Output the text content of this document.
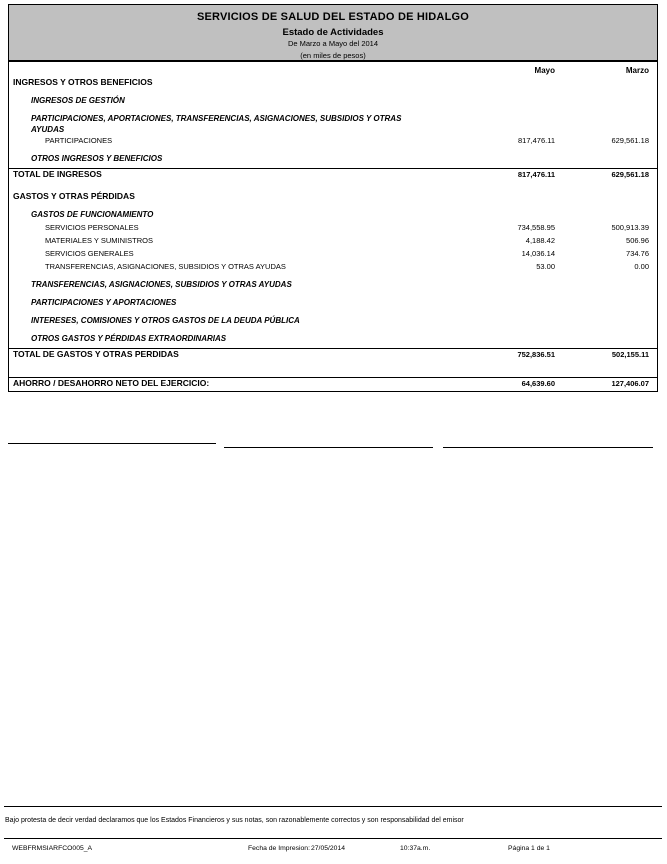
SERVICIOS DE SALUD DEL ESTADO DE HIDALGO
Estado de Actividades
De Marzo a Mayo del 2014
(en miles de pesos)
Mayo	Marzo
INGRESOS Y OTROS BENEFICIOS
INGRESOS DE GESTIÓN
PARTICIPACIONES, APORTACIONES, TRANSFERENCIAS, ASIGNACIONES, SUBSIDIOS Y OTRAS AYUDAS
PARTICIPACIONES	817,476.11	629,561.18
OTROS INGRESOS Y BENEFICIOS
TOTAL DE INGRESOS	817,476.11	629,561.18
GASTOS Y OTRAS PÉRDIDAS
GASTOS DE FUNCIONAMIENTO
SERVICIOS PERSONALES	734,558.95	500,913.39
MATERIALES Y SUMINISTROS	4,188.42	506.96
SERVICIOS GENERALES	14,036.14	734.76
TRANSFERENCIAS, ASIGNACIONES, SUBSIDIOS Y OTRAS AYUDAS	53.00	0.00
TRANSFERENCIAS, ASIGNACIONES, SUBSIDIOS Y OTRAS AYUDAS
PARTICIPACIONES Y APORTACIONES
INTERESES, COMISIONES Y OTROS GASTOS DE LA DEUDA PÚBLICA
OTROS GASTOS Y PÉRDIDAS EXTRAORDINARIAS
TOTAL DE GASTOS Y OTRAS PERDIDAS	752,836.51	502,155.11
AHORRO / DESAHORRO NETO DEL EJERCICIO:	64,639.60	127,406.07
Bajo protesta de decir verdad declaramos que los Estados Financieros y sus notas, son razonablemente correctos y son responsabilidad del emisor
WEBFRMSIARFCO005_A	Fecha de Impresion: 27/05/2014	10:37a.m.	Página 1 de 1
